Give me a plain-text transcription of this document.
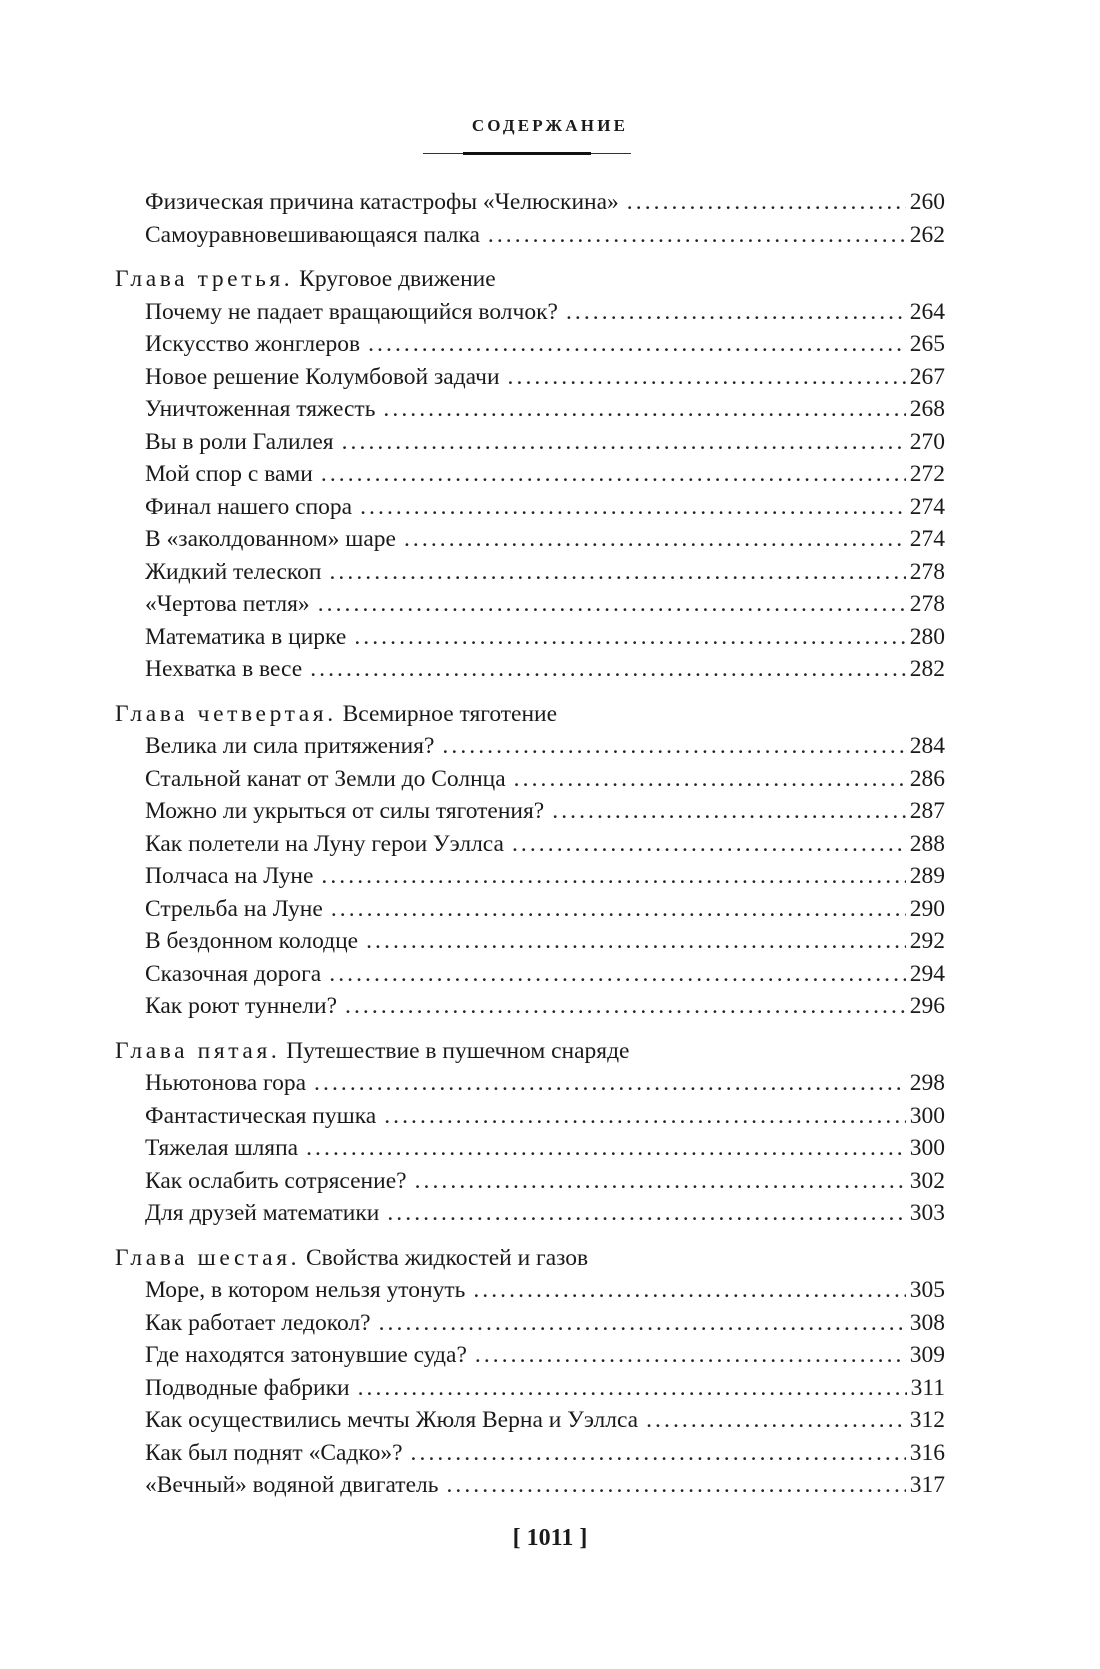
СОДЕРЖАНИЕ
Физическая причина катастрофы «Челюскина» . . .	260
Самоуравновешивающаяся палка . . .	262
Глава третья. Круговое движение
Почему не падает вращающийся волчок? . . .	264
Искусство жонглеров . . .	265
Новое решение Колумбовой задачи . . .	267
Уничтоженная тяжесть . . .	268
Вы в роли Галилея . . .	270
Мой спор с вами . . .	272
Финал нашего спора . . .	274
В «заколдованном» шаре . . .	274
Жидкий телескоп . . .	278
«Чертова петля» . . .	278
Математика в цирке . . .	280
Нехватка в весе . . .	282
Глава четвертая. Всемирное тяготение
Велика ли сила притяжения? . . .	284
Стальной канат от Земли до Солнца . . .	286
Можно ли укрыться от силы тяготения? . . .	287
Как полетели на Луну герои Уэллса . . .	288
Полчаса на Луне . . .	289
Стрельба на Луне . . .	290
В бездонном колодце . . .	292
Сказочная дорога . . .	294
Как роют туннели? . . .	296
Глава пятая. Путешествие в пушечном снаряде
Ньютонова гора . . .	298
Фантастическая пушка . . .	300
Тяжелая шляпа . . .	300
Как ослабить сотрясение? . . .	302
Для друзей математики . . .	303
Глава шестая. Свойства жидкостей и газов
Море, в котором нельзя утонуть . . .	305
Как работает ледокол? . . .	308
Где находятся затонувшие суда? . . .	309
Подводные фабрики . . .	311
Как осуществились мечты Жюля Верна и Уэллса . . .	312
Как был поднят «Садко»? . . .	316
«Вечный» водяной двигатель . . .	317
[ 1011 ]
